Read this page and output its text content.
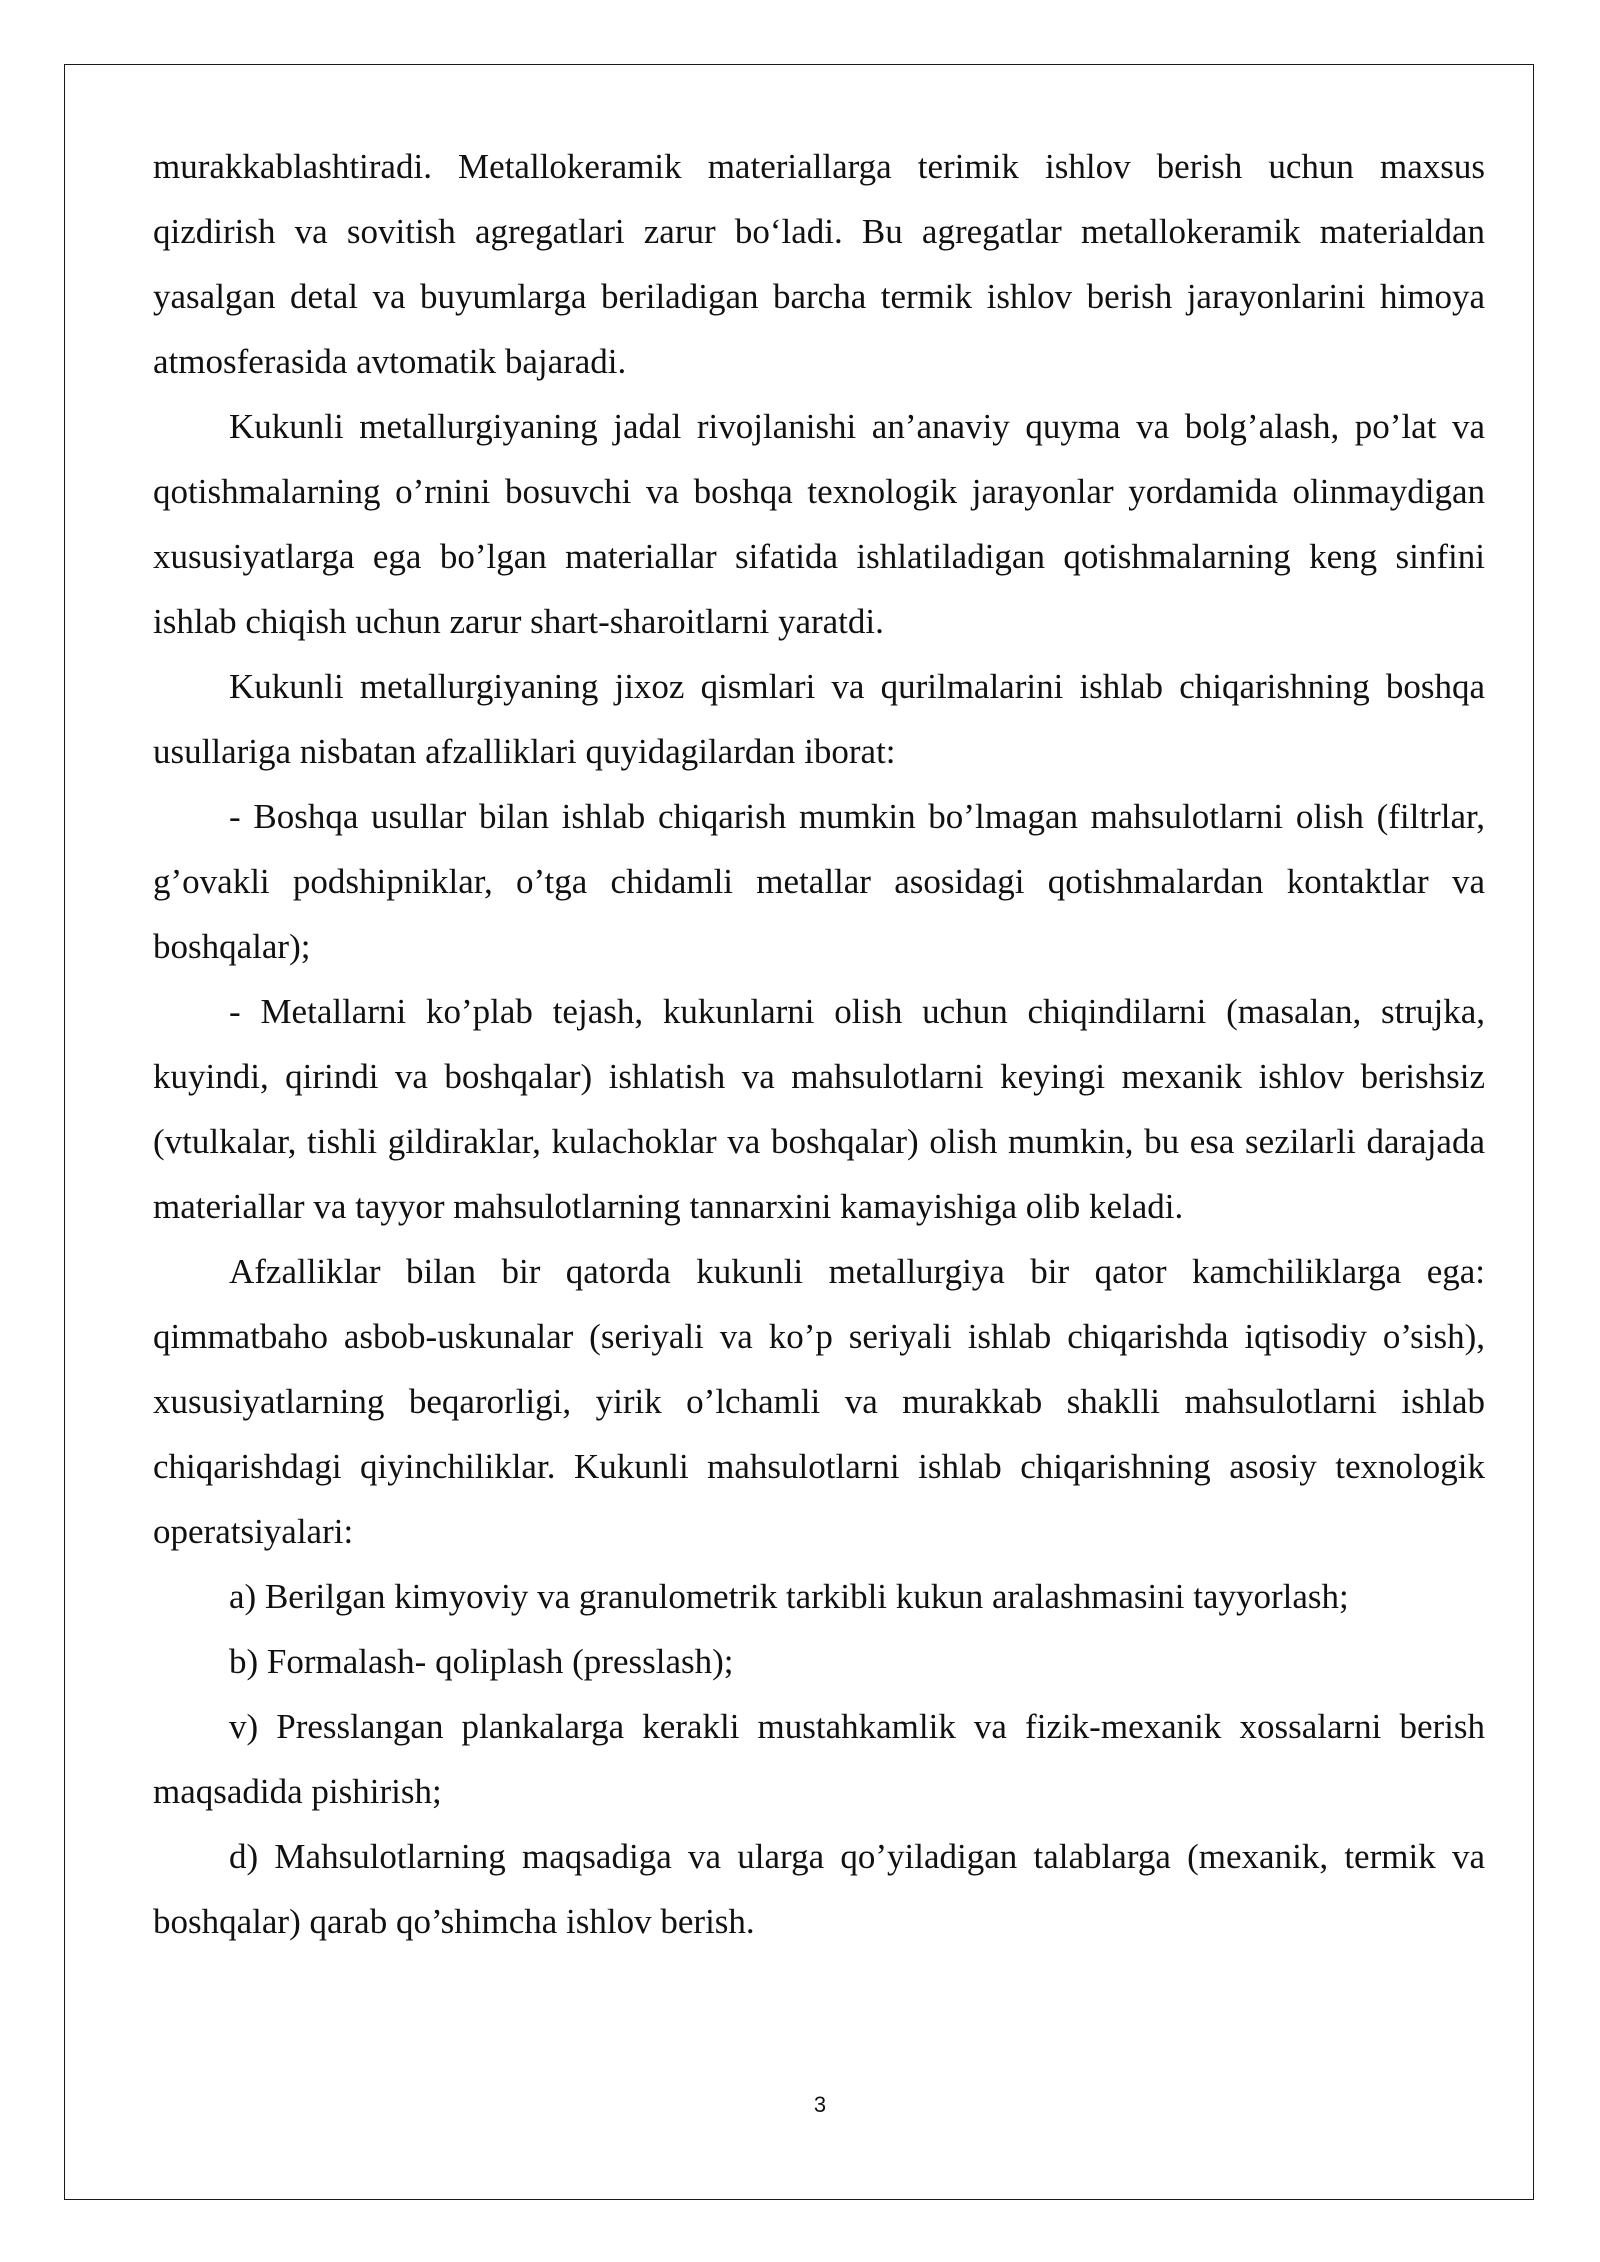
murakkablashtiradi. Metallokeramik materiallarga terimik ishlov berish uchun maxsus qizdirish va sovitish agregatlari zarur bo‘ladi. Bu agregatlar metallokeramik materialdan yasalgan detal va buyumlarga beriladigan barcha termik ishlov berish jarayonlarini himoya atmosferasida avtomatik bajaradi.

Kukunli metallurgiyaning jadal rivojlanishi an’anaviy quyma va bolg’alash, po’lat va qotishmalarning o’rnini bosuvchi va boshqa texnologik jarayonlar yordamida olinmaydigan xususiyatlarga ega bo’lgan materiallar sifatida ishlatiladigan qotishmalarning keng sinfini ishlab chiqish uchun zarur shart-sharoitlarni yaratdi.

Kukunli metallurgiyaning jixoz qismlari va qurilmalarini ishlab chiqarishning boshqa usullariga nisbatan afzalliklari quyidagilardan iborat:

- Boshqa usullar bilan ishlab chiqarish mumkin bo’lmagan mahsulotlarni olish (filtrlar, g’ovakli podshipniklar, o’tga chidamli metallar asosidagi qotishmalardan kontaktlar va boshqalar);

- Metallarni ko’plab tejash, kukunlarni olish uchun chiqindilarni (masalan, strujka, kuyindi, qirindi va boshqalar) ishlatish va mahsulotlarni keyingi mexanik ishlov berishsiz (vtulkalar, tishli gildiraklar, kulachoklar va boshqalar) olish mumkin, bu esa sezilarli darajada materiallar va tayyor mahsulotlarning tannarxini kamayishiga olib keladi.

Afzalliklar bilan bir qatorda kukunli metallurgiya bir qator kamchiliklarga ega: qimmatbaho asbob-uskunalar (seriyali va ko’p seriyali ishlab chiqarishda iqtisodiy o’sish), xususiyatlarning beqarorligi, yirik o’lchamli va murakkab shaklli mahsulotlarni ishlab chiqarishdagi qiyinchiliklar. Kukunli mahsulotlarni ishlab chiqarishning asosiy texnologik operatsiyalari:

a) Berilgan kimyoviy va granulometrik tarkibli kukun aralashmasini tayyorlash;

b) Formalash- qoliplash (presslash);

v) Presslangan plankalarga kerakli mustahkamlik va fizik-mexanik xossalarni berish maqsadida pishirish;

d) Mahsulotlarning maqsadiga va ularga qo’yiladigan talablarga (mexanik, termik va boshqalar) qarab qo’shimcha ishlov berish.

3
